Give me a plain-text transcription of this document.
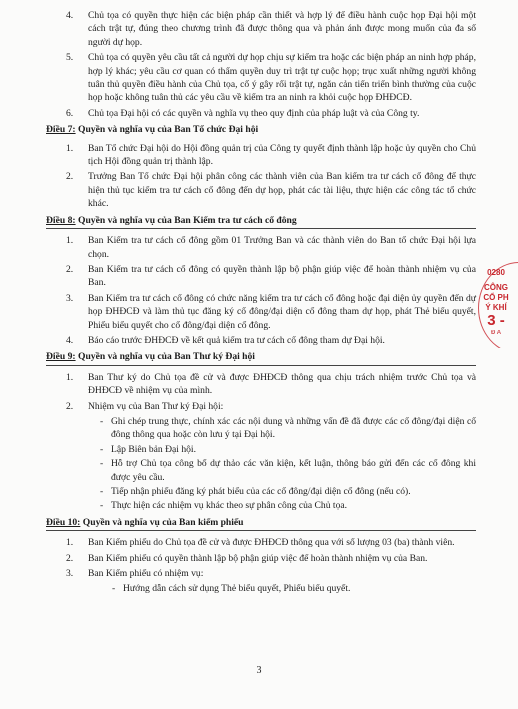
4.	Chủ tọa có quyền thực hiện các biện pháp cần thiết và hợp lý để điều hành cuộc họp Đại hội một cách trật tự, đúng theo chương trình đã được thông qua và phản ánh được mong muốn của đa số người dự họp.
5.	Chủ tọa có quyền yêu cầu tất cả người dự họp chịu sự kiểm tra hoặc các biện pháp an ninh hợp pháp, hợp lý khác; yêu cầu cơ quan có thẩm quyền duy trì trật tự cuộc họp; trục xuất những người không tuân thủ quyền điều hành của Chủ tọa, cố ý gây rối trật tự, ngăn cản tiến triển bình thường của cuộc họp hoặc không tuân thủ các yêu cầu về kiểm tra an ninh ra khỏi cuộc họp ĐHĐCĐ.
6.	Chủ tọa Đại hội có các quyền và nghĩa vụ theo quy định của pháp luật và của Công ty.
Điều 7: Quyền và nghĩa vụ của Ban Tổ chức Đại hội
1.	Ban Tổ chức Đại hội do Hội đồng quản trị của Công ty quyết định thành lập hoặc ủy quyền cho Chủ tịch Hội đồng quản trị thành lập.
2.	Trưởng Ban Tổ chức Đại hội phân công các thành viên của Ban kiểm tra tư cách cổ đông để thực hiện thủ tục kiểm tra tư cách cổ đông đến dự họp, phát các tài liệu, thực hiện các công tác tổ chức khác.
Điều 8: Quyền và nghĩa vụ của Ban Kiểm tra tư cách cổ đông
1.	Ban Kiểm tra tư cách cổ đông gồm 01 Trưởng Ban và các thành viên do Ban tổ chức Đại hội lựa chọn.
2.	Ban Kiểm tra tư cách cổ đông có quyền thành lập bộ phận giúp việc để hoàn thành nhiệm vụ của Ban.
3.	Ban Kiểm tra tư cách cổ đông có chức năng kiểm tra tư cách cổ đông hoặc đại diện ủy quyền đến dự họp ĐHĐCĐ và làm thủ tục đăng ký cổ đông/đại diện cổ đông tham dự họp, phát Thẻ biểu quyết, Phiếu biểu quyết cho cổ đông/đại diện cổ đông.
4.	Báo cáo trước ĐHĐCĐ về kết quả kiểm tra tư cách cổ đông tham dự Đại hội.
Điều 9: Quyền và nghĩa vụ của Ban Thư ký Đại hội
1.	Ban Thư ký do Chủ tọa đề cử và được ĐHĐCĐ thông qua chịu trách nhiệm trước Chủ tọa và ĐHĐCĐ về nhiệm vụ của mình.
2.	Nhiệm vụ của Ban Thư ký Đại hội:
- Ghi chép trung thực, chính xác các nội dung và những vấn đề đã được các cổ đông/đại diện cổ đông thông qua hoặc còn lưu ý tại Đại hội.
- Lập Biên bản Đại hội.
- Hỗ trợ Chủ tọa công bố dự thảo các văn kiện, kết luận, thông báo gửi đến các cổ đông khi được yêu cầu.
- Tiếp nhận phiếu đăng ký phát biểu của các cổ đông/đại diện cổ đông (nếu có).
- Thực hiện các nhiệm vụ khác theo sự phân công của Chủ tọa.
Điều 10: Quyền và nghĩa vụ của Ban kiểm phiếu
1.	Ban Kiểm phiếu do Chủ tọa đề cử và được ĐHĐCĐ thông qua với số lượng 03 (ba) thành viên.
2.	Ban Kiểm phiếu có quyền thành lập bộ phận giúp việc để hoàn thành nhiệm vụ của Ban.
3.	Ban Kiểm phiếu có nhiệm vụ:
- Hướng dẫn cách sử dụng Thẻ biểu quyết, Phiếu biểu quyết.
0280
CÔNG
CỔ PH
Ý KHÍ
3 -
Đ A
3
